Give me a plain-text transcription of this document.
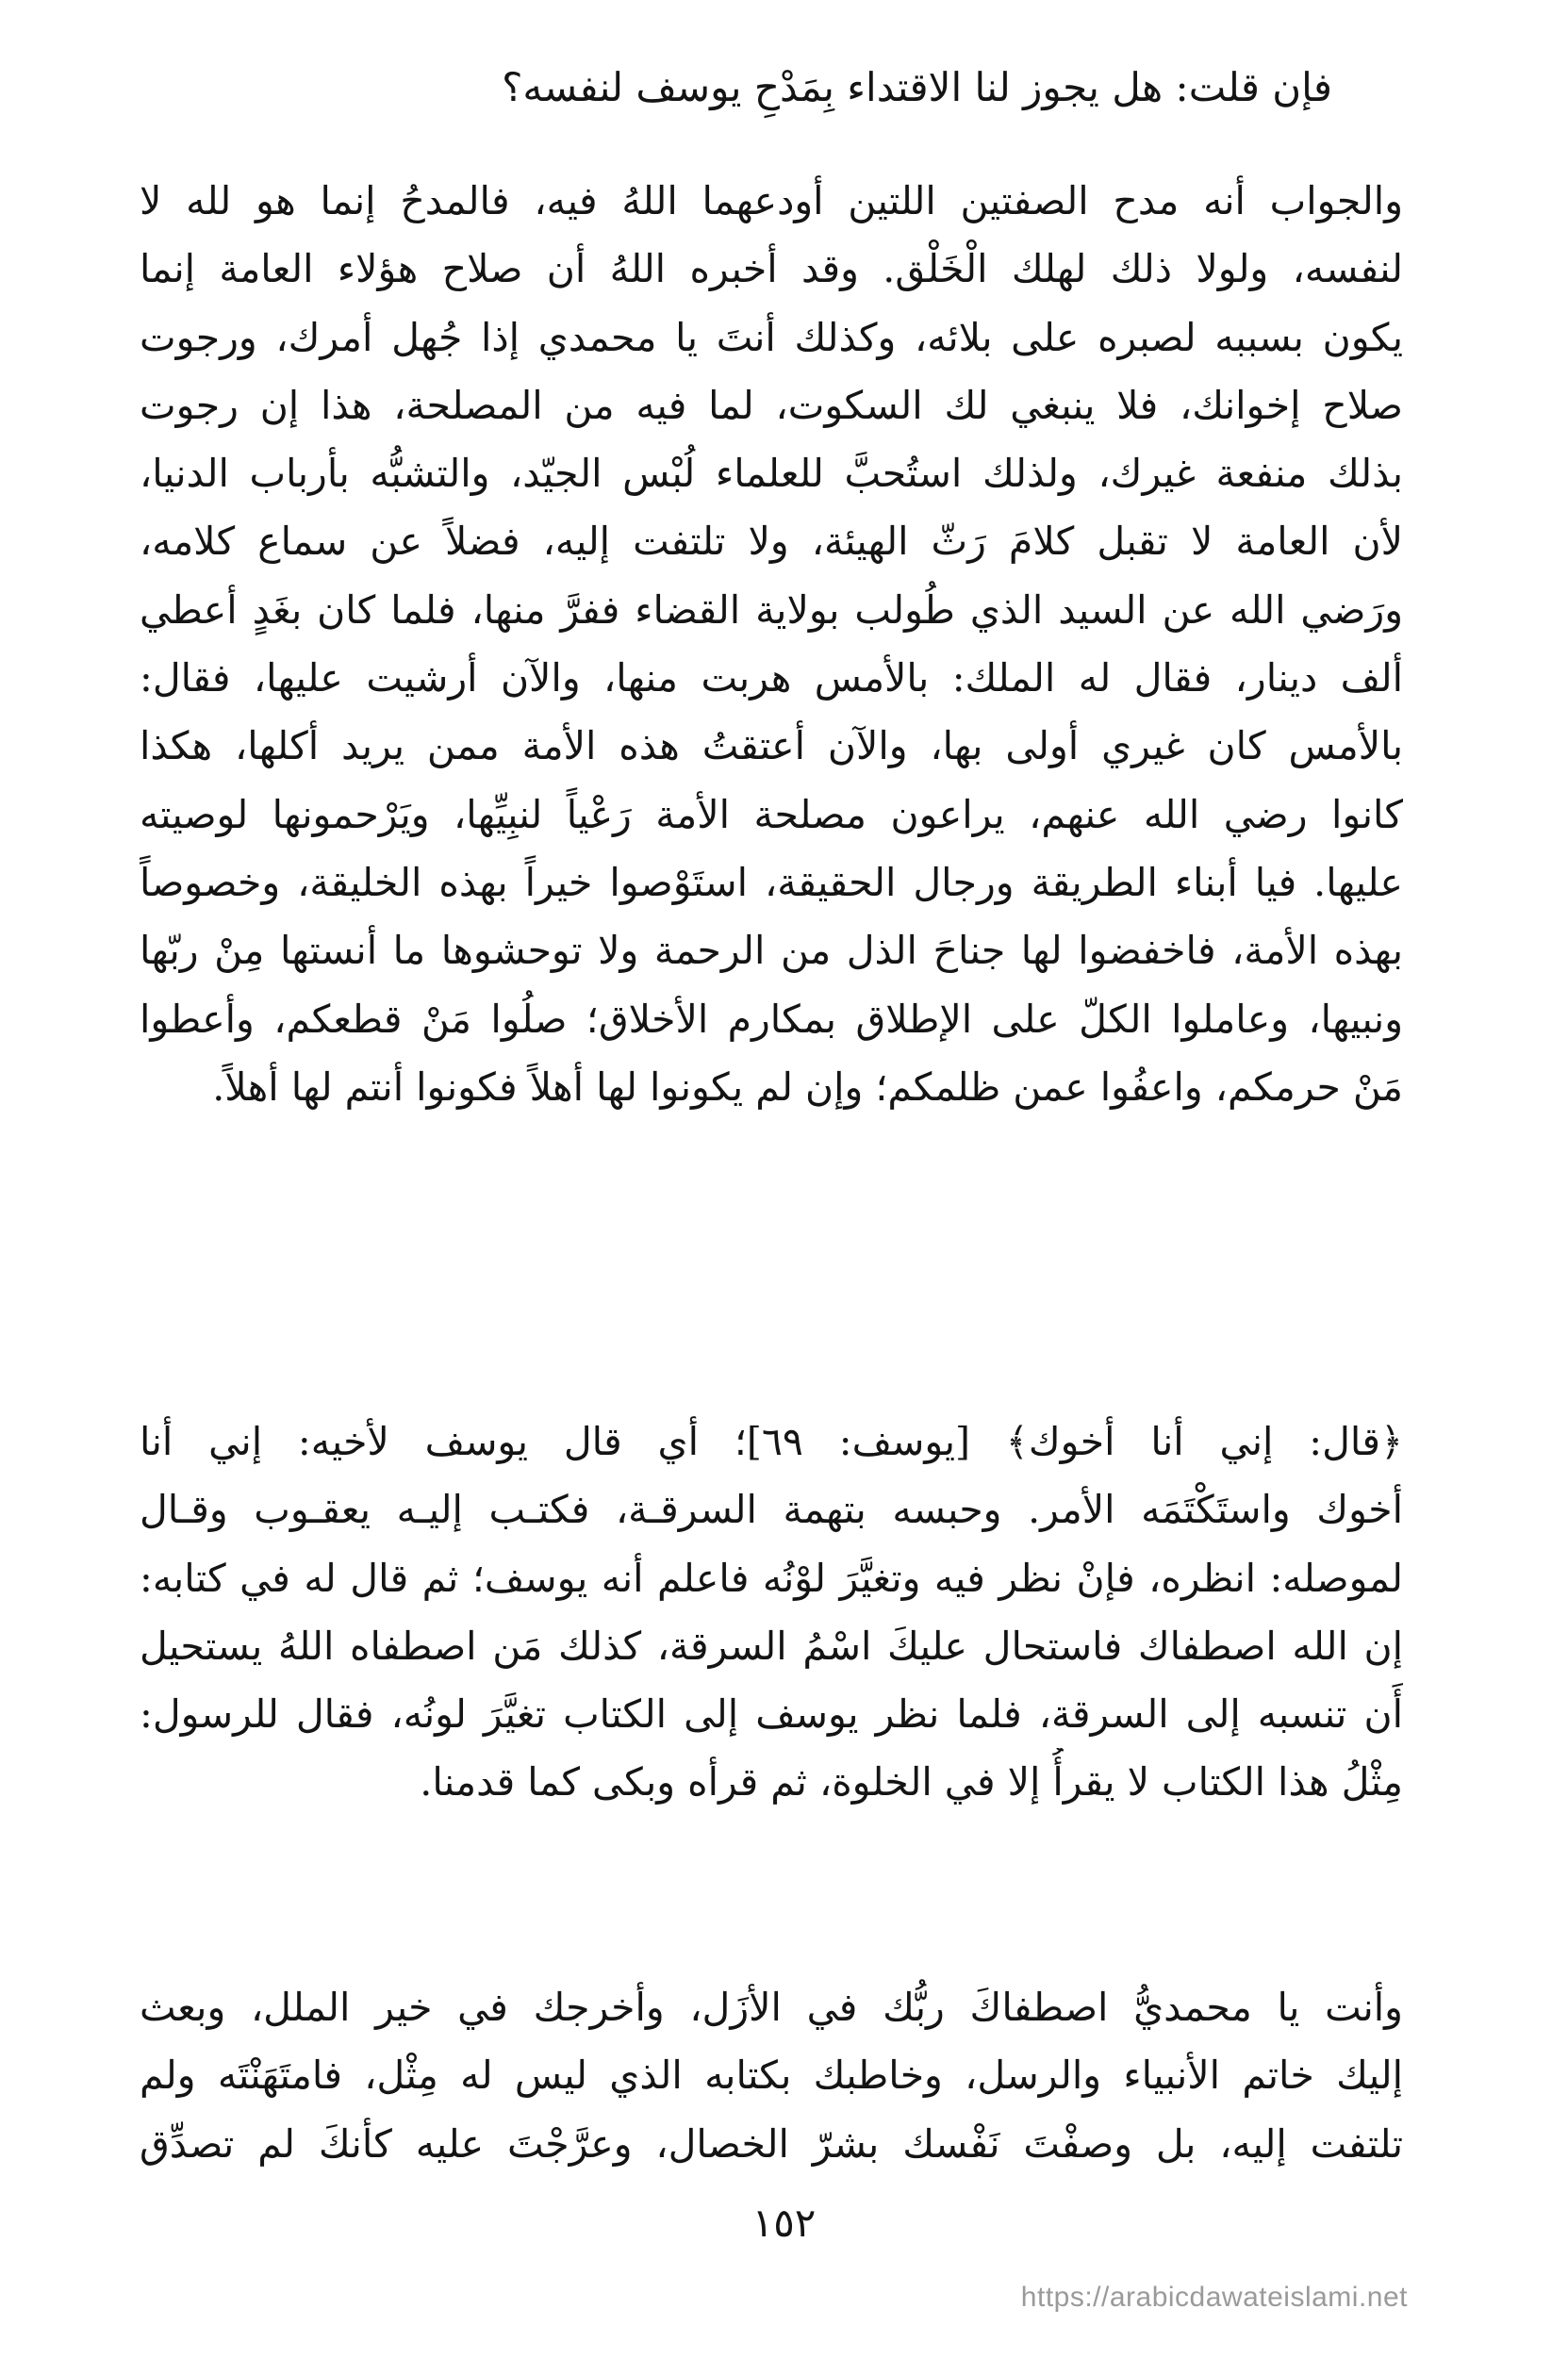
فإن قلت: هل يجوز لنا الاقتداء بِمَدْحِ يوسف لنفسه؟
والجواب أنه مدح الصفتين اللتين أودعهما اللهُ فيه، فالمدحُ إنما هو لله لا
لنفسه، ولولا ذلك لهلك الْخَلْق. وقد أخبره اللهُ أن صلاح هؤلاء العامة إنما
يكون بسببه لصبره على بلائه، وكذلك أنتَ يا محمدي إذا جُهل أمرك، ورجوت
صلاح إخوانك، فلا ينبغي لك السكوت، لما فيه من المصلحة، هذا إن رجوت
بذلك منفعة غيرك، ولذلك استُحبَّ للعلماء لُبْس الجيّد، والتشبُّه بأرباب الدنيا،
لأن العامة لا تقبل كلامَ رَثّ الهيئة، ولا تلتفت إليه، فضلاً عن سماع كلامه،
ورَضي الله عن السيد الذي طُولب بولاية القضاء ففرَّ منها، فلما كان بغَدٍ أعطي
ألف دينار، فقال له الملك: بالأمس هربت منها، والآن أرشيت عليها، فقال:
بالأمس كان غيري أولى بها، والآن أعتقتُ هذه الأمة ممن يريد أكلها، هكذا
كانوا رضي الله عنهم، يراعون مصلحة الأمة رَعْياً لنبِيِّها، ويَرْحمونها لوصيته
عليها. فيا أبناء الطريقة ورجال الحقيقة، استَوْصوا خيراً بهذه الخليقة، وخصوصاً
بهذه الأمة، فاخفضوا لها جناحَ الذل من الرحمة ولا توحشوها ما أنستها مِنْ ربّها
ونبيها، وعاملوا الكلّ على الإطلاق بمكارم الأخلاق؛ صلُوا مَنْ قطعكم، وأعطوا
مَنْ حرمكم، واعفُوا عمن ظلمكم؛ وإن لم يكونوا لها أهلاً فكونوا أنتم لها أهلاً.
﴿قال: إني أنا أخوك﴾ [يوسف: ٦٩]؛ أي قال يوسف لأخيه: إني أنا
أخوك واستَكْتَمَه الأمر. وحبسه بتهمة السرقـة، فكتـب إليـه يعقـوب وقـال
لموصله: انظره، فإنْ نظر فيه وتغيَّرَ لوْنُه فاعلم أنه يوسف؛ ثم قال له في كتابه:
إن الله اصطفاك فاستحال عليكَ اسْمُ السرقة، كذلك مَن اصطفاه اللهُ يستحيل
أَن تنسبه إلى السرقة، فلما نظر يوسف إلى الكتاب تغيَّرَ لونُه، فقال للرسول:
مِثْلُ هذا الكتاب لا يقرأُ إلا في الخلوة، ثم قرأه وبكى كما قدمنا.
وأنت يا محمديُّ اصطفاكَ ربُّك في الأزَل، وأخرجك في خير الملل، وبعث
إليك خاتم الأنبياء والرسل، وخاطبك بكتابه الذي ليس له مِثْل، فامتَهَنْتَه ولم
تلتفت إليه، بل وصفْتَ نَفْسك بشرّ الخصال، وعرَّجْتَ عليه كأنكَ لم تصدِّق
١٥٢
https://arabicdawateislami.net
